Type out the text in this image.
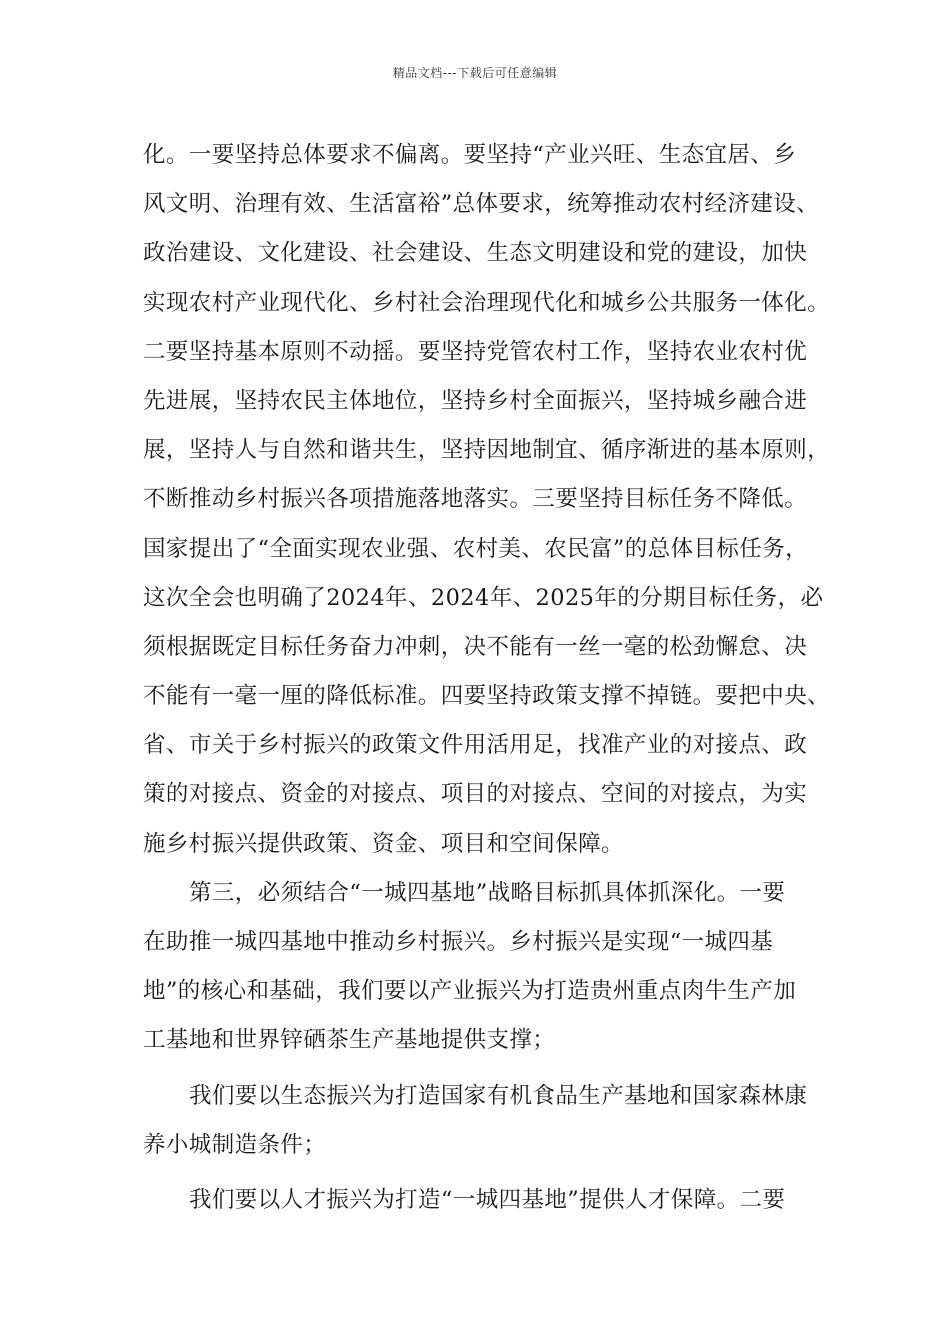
精品文档---下载后可任意编辑
化。一要坚持总体要求不偏离。要坚持“产业兴旺、生态宜居、乡
风文明、治理有效、生活富裕”总体要求，统筹推动农村经济建设、
政治建设、文化建设、社会建设、生态文明建设和党的建设，加快
实现农村产业现代化、乡村社会治理现代化和城乡公共服务一体化。
二要坚持基本原则不动摇。要坚持党管农村工作，坚持农业农村优
先进展，坚持农民主体地位，坚持乡村全面振兴，坚持城乡融合进
展，坚持人与自然和谐共生，坚持因地制宜、循序渐进的基本原则，
不断推动乡村振兴各项措施落地落实。三要坚持目标任务不降低。
国家提出了“全面实现农业强、农村美、农民富”的总体目标任务，
这次全会也明确了2024年、2024年、2025年的分期目标任务，必
须根据既定目标任务奋力冲刺，决不能有一丝一毫的松劲懈怠、决
不能有一毫一厘的降低标准。四要坚持政策支撑不掉链。要把中央、
省、市关于乡村振兴的政策文件用活用足，找准产业的对接点、政
策的对接点、资金的对接点、项目的对接点、空间的对接点，为实
施乡村振兴提供政策、资金、项目和空间保障。
第三，必须结合“一城四基地”战略目标抓具体抓深化。一要
在助推一城四基地中推动乡村振兴。乡村振兴是实现“一城四基
地”的核心和基础，我们要以产业振兴为打造贵州重点肉牛生产加
工基地和世界锌硒茶生产基地提供支撑；
我们要以生态振兴为打造国家有机食品生产基地和国家森林康
养小城制造条件；
我们要以人才振兴为打造“一城四基地”提供人才保障。二要
